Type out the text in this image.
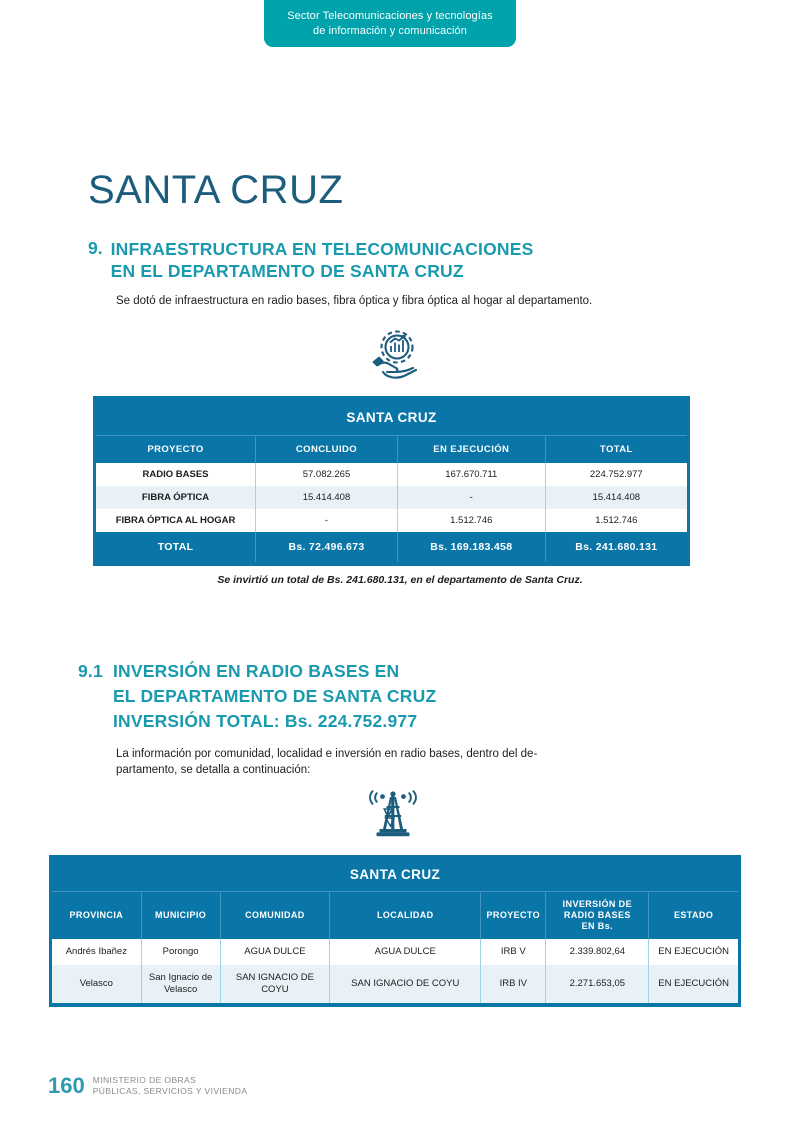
Sector Telecomunicaciones y tecnologías
de información y comunicación
SANTA CRUZ
9. INFRAESTRUCTURA EN TELECOMUNICACIONES
EN EL DEPARTAMENTO DE SANTA CRUZ
Se dotó de infraestructura en radio bases, fibra óptica y fibra óptica al hogar al departamento.
SANTA CRUZ			
PROYECTO	CONCLUIDO	EN EJECUCIÓN	TOTAL
RADIO BASES	57.082.265	167.670.711	224.752.977
FIBRA ÓPTICA	15.414.408	-	15.414.408
FIBRA ÓPTICA AL HOGAR	-	1.512.746	1.512.746
TOTAL	Bs. 72.496.673	Bs. 169.183.458	Bs. 241.680.131
Se invirtió un total de Bs. 241.680.131, en el departamento de Santa Cruz.
9.1 INVERSIÓN EN RADIO BASES EN
EL DEPARTAMENTO DE SANTA CRUZ
INVERSIÓN TOTAL: Bs. 224.752.977
La información por comunidad, localidad e inversión en radio bases, dentro del de-
partamento, se detalla a continuación:
SANTA CRUZ						
PROVINCIA	MUNICIPIO	COMUNIDAD	LOCALIDAD	PROYECTO	INVERSIÓN DE
RADIO BASES
EN Bs.	ESTADO
Andrés Ibañez	Porongo	AGUA DULCE	AGUA DULCE	IRB V	2.339.802,64	EN EJECUCIÓN
Velasco	San Ignacio de Velasco	SAN IGNACIO DE COYU	SAN IGNACIO DE COYU	IRB IV	2.271.653,05	EN EJECUCIÓN
160 MINISTERIO DE OBRAS
PÚBLICAS, SERVICIOS Y VIVIENDA
